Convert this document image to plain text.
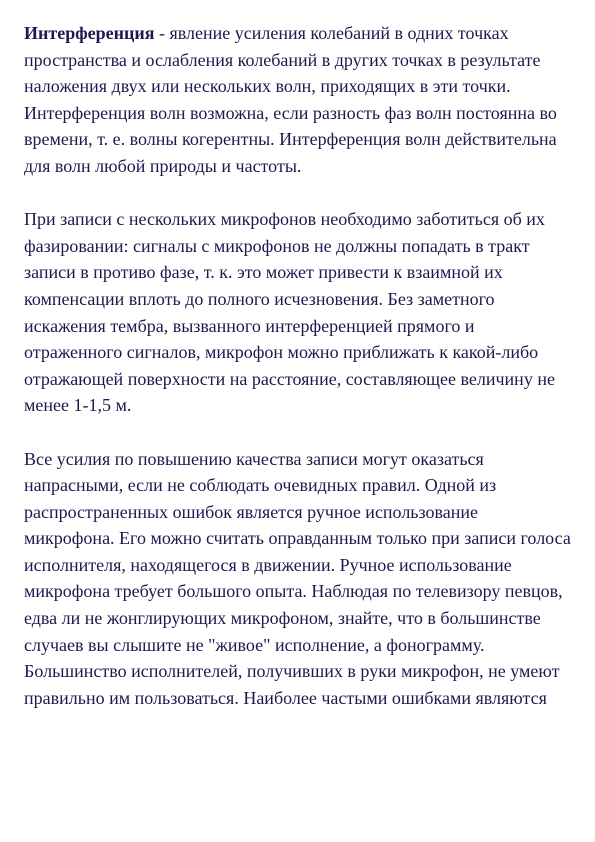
Интерференция - явление усиления колебаний в одних точках пространства и ослабления колебаний в других точках в результате наложения двух или нескольких волн, приходящих в эти точки. Интерференция волн возможна, если разность фаз волн постоянна во времени, т. е. волны когерентны. Интерференция волн действительна для волн любой природы и частоты.

При записи с нескольких микрофонов необходимо заботиться об их фазировании: сигналы с микрофонов не должны попадать в тракт записи в противо фазе, т. к. это может привести к взаимной их компенсации вплоть до полного исчезновения. Без заметного искажения тембра, вызванного интерференцией прямого и отраженного сигналов, микрофон можно приближать к какой-либо отражающей поверхности на расстояние, составляющее величину не менее 1-1,5 м.

Все усилия по повышению качества записи могут оказаться напрасными, если не соблюдать очевидных правил. Одной из распространенных ошибок является ручное использование микрофона. Его можно считать оправданным только при записи голоса исполнителя, находящегося в движении. Ручное использование микрофона требует большого опыта. Наблюдая по телевизору певцов, едва ли не жонглирующих микрофоном, знайте, что в большинстве случаев вы слышите не "живое" исполнение, а фонограмму. Большинство исполнителей, получивших в руки микрофон, не умеют правильно им пользоваться. Наиболее частыми ошибками являются
